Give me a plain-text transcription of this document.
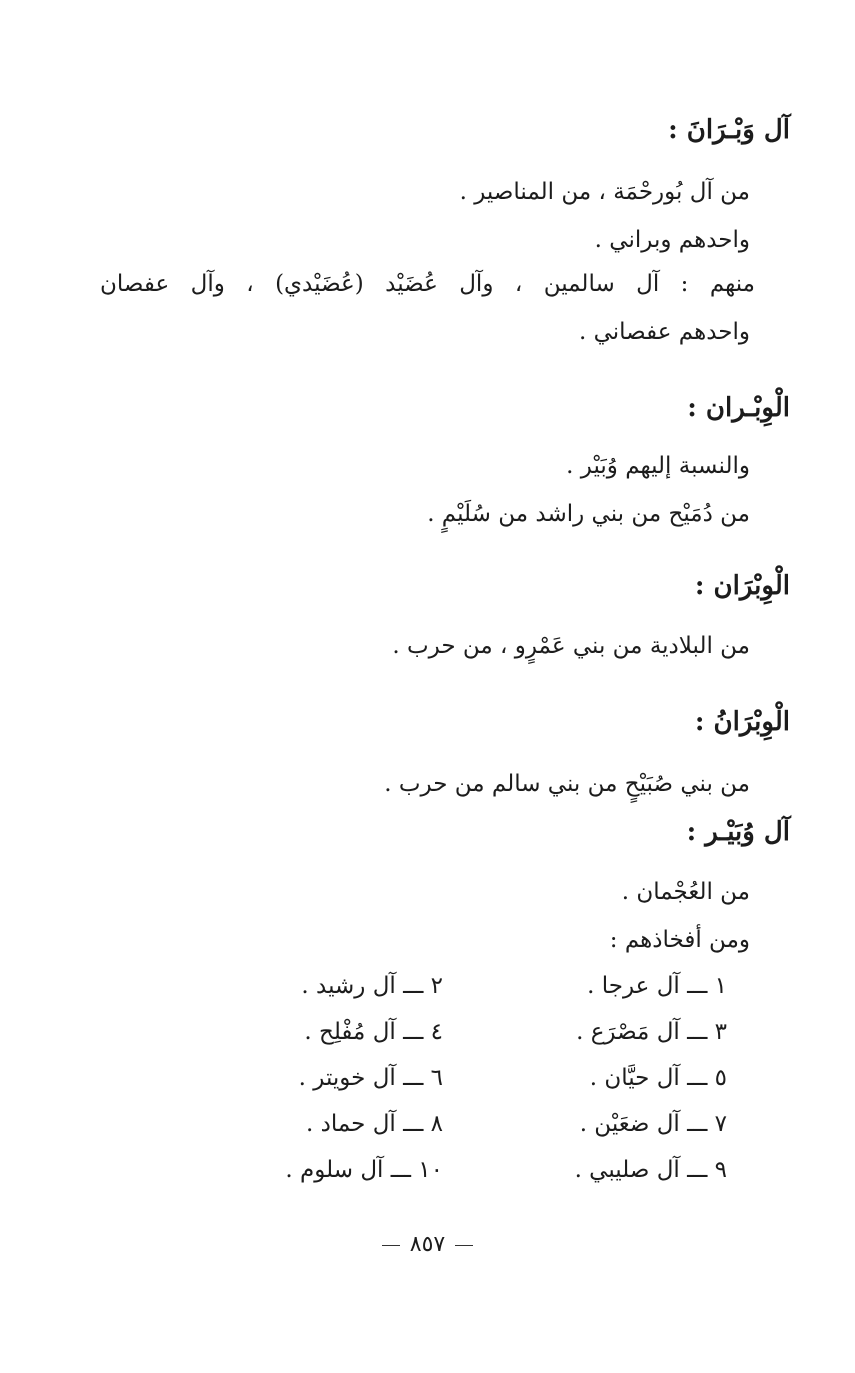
آل وَبْـرَانَ :
من آل بُورحْمَة ، من المناصير .
واحدهم وبراني .
منهم : آل سالمين ، وآل عُضَيْد (عُضَيْدي) ، وآل عفصان
واحدهم عفصاني .
الْوِبْـران :
والنسبة إليهم وُبَيْر .
من دُمَيْح من بني راشد من سُلَيْمٍ .
الْوِبْرَان :
من البلادية من بني عَمْرٍو ، من حرب .
الْوِبْرَانُ :
من بني صُبَيْحٍ من بني سالم من حرب .
آل وُبَيْـر :
من العُجْمان .
ومن أفخاذهم :
١ ـــ آل عرجا .
٢ ـــ آل رشيد .
٣ ـــ آل مَصْرَع .
٤ ـــ آل مُفْلِح .
٥ ـــ آل حيَّان .
٦ ـــ آل خويتر .
٧ ـــ آل ضعَيْن .
٨ ـــ آل حماد .
٩ ـــ آل صليبي .
١٠ ـــ آل سلوم .
٨٥٧
